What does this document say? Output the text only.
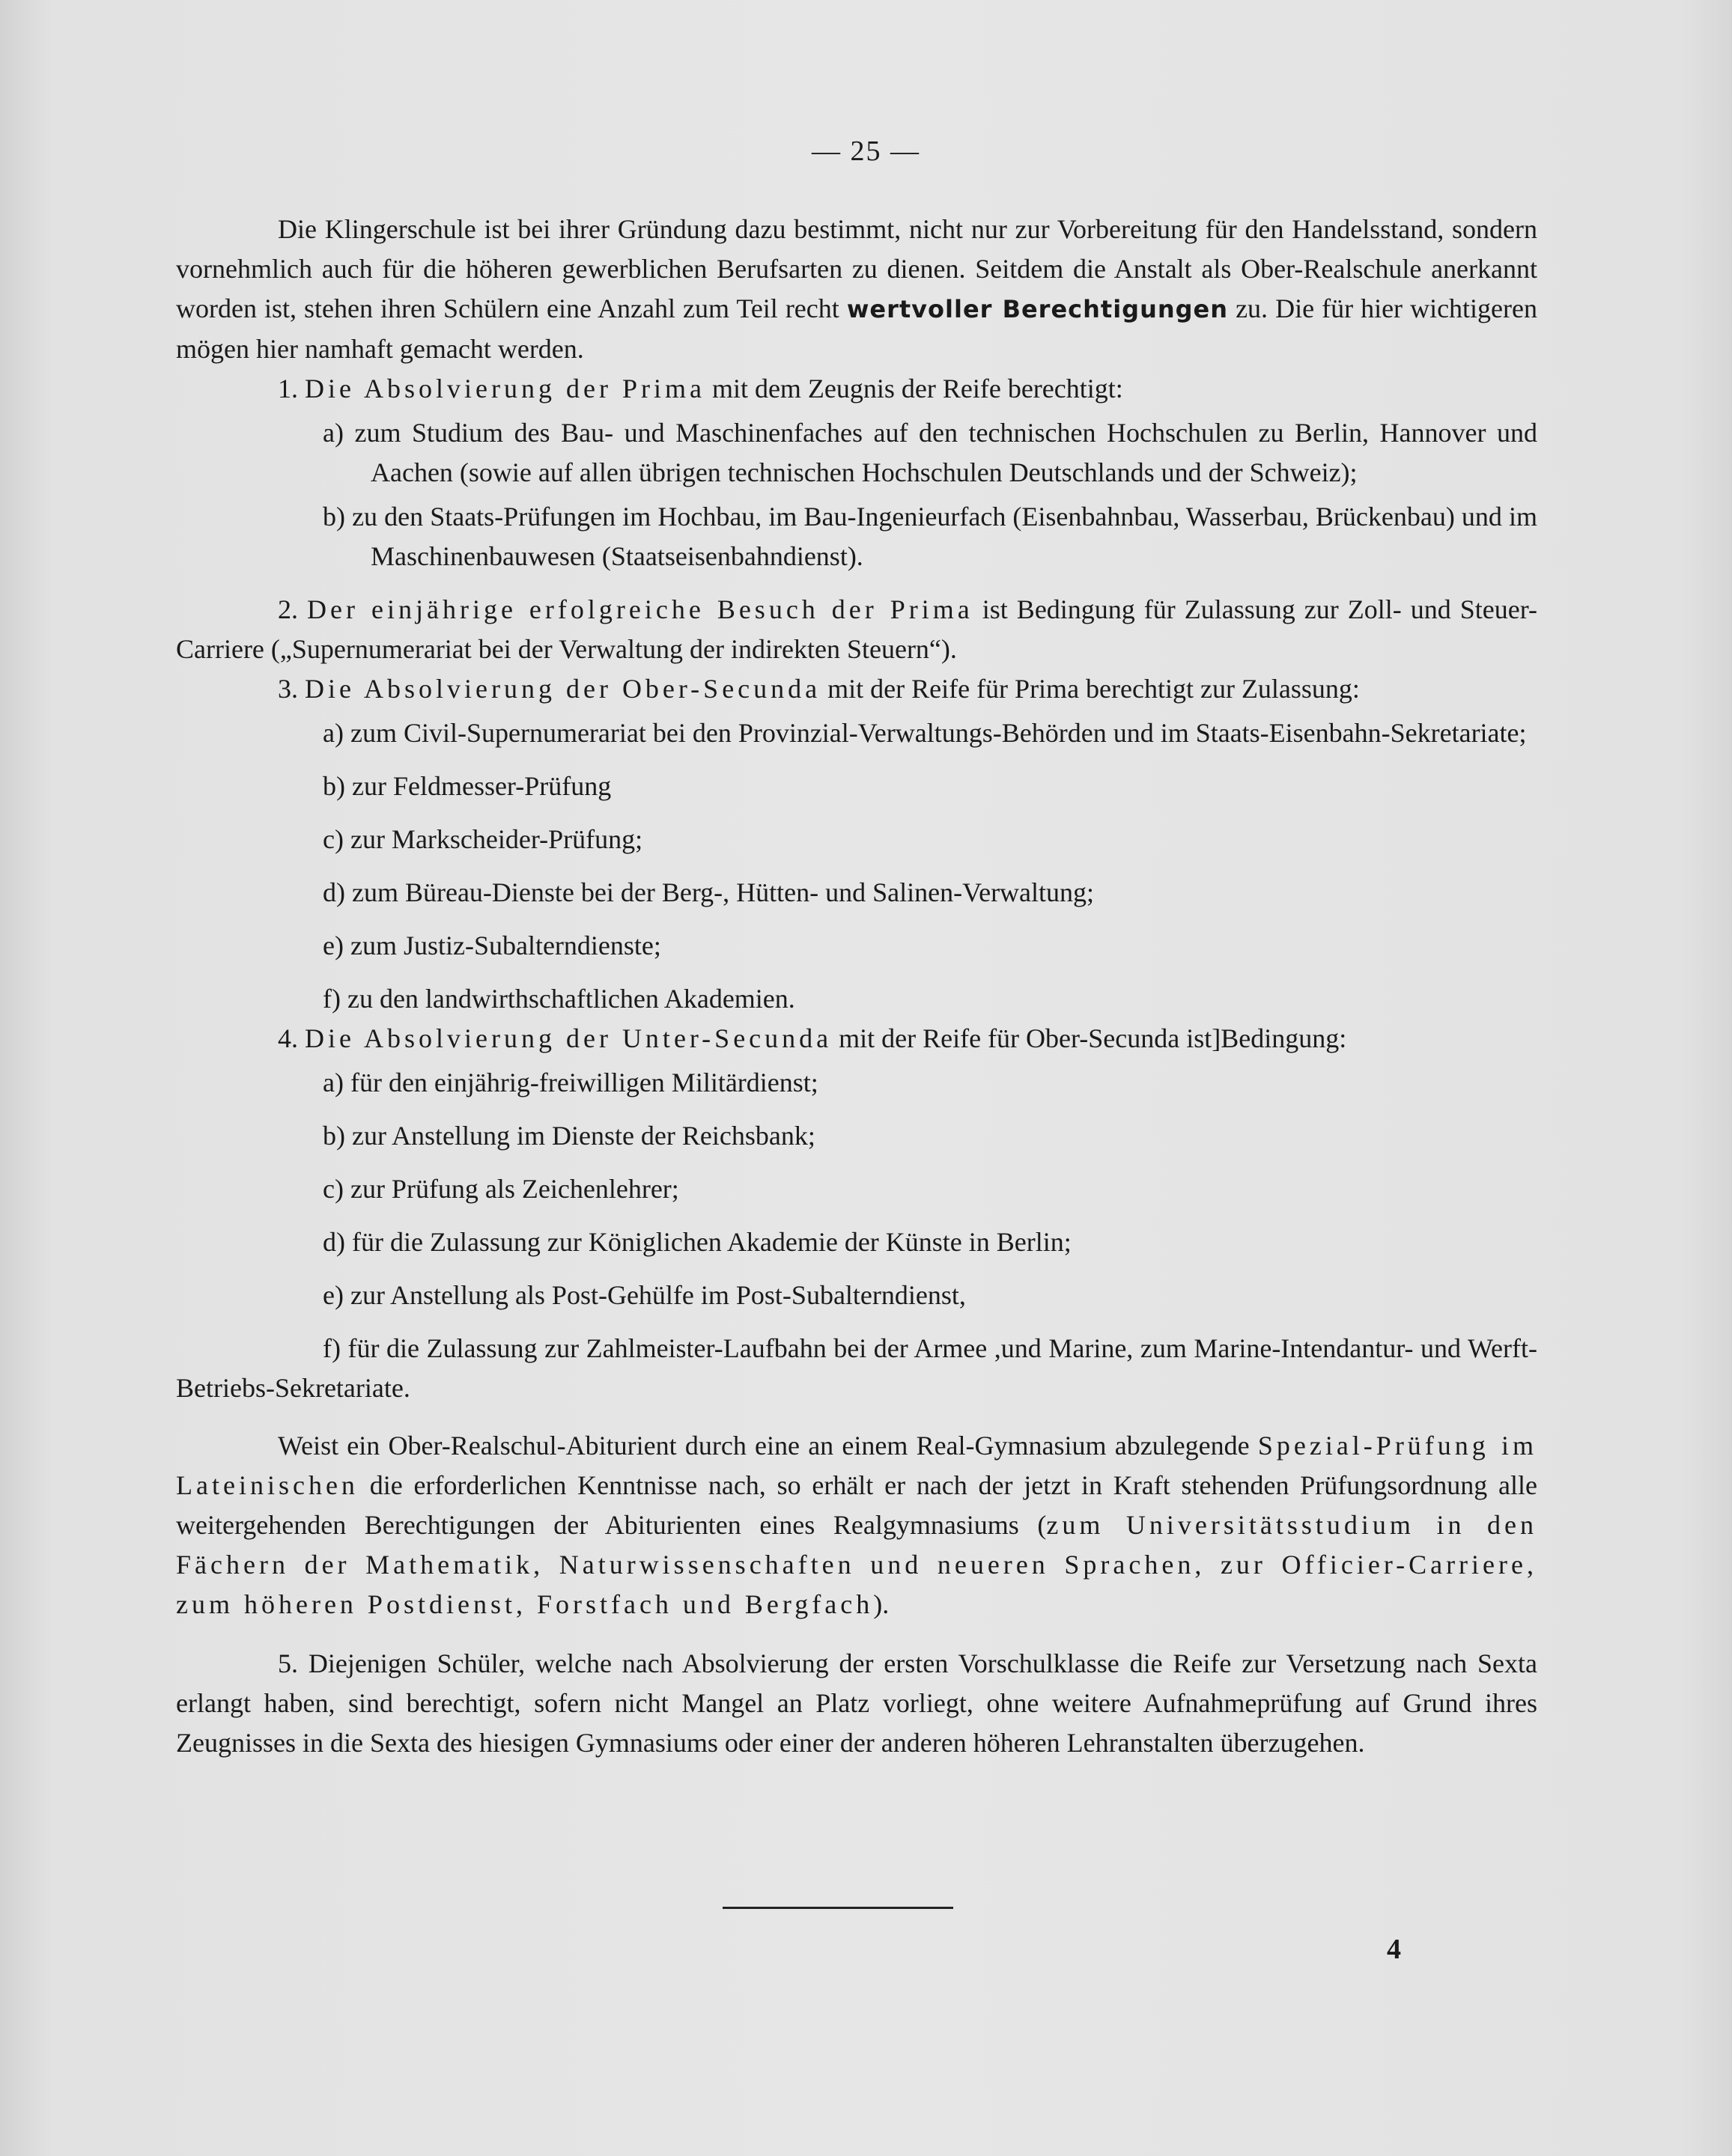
— 25 —

Die Klingerschule ist bei ihrer Gründung dazu bestimmt, nicht nur zur Vorbereitung für den Handelsstand, sondern vornehmlich auch für die höheren gewerblichen Berufsarten zu dienen. Seitdem die Anstalt als Ober-Realschule anerkannt worden ist, stehen ihren Schülern eine Anzahl zum Teil recht wertvoller Berechtigungen zu. Die für hier wichtigeren mögen hier namhaft gemacht werden.

1. Die Absolvierung der Prima mit dem Zeugnis der Reife berechtigt:

a) zum Studium des Bau- und Maschinenfaches auf den technischen Hochschulen zu Berlin, Hannover und Aachen (sowie auf allen übrigen technischen Hochschulen Deutschlands und der Schweiz);

b) zu den Staats-Prüfungen im Hochbau, im Bau-Ingenieurfach (Eisenbahnbau, Wasserbau, Brückenbau) und im Maschinenbauwesen (Staatseisenbahndienst).

2. Der einjährige erfolgreiche Besuch der Prima ist Bedingung für Zulassung zur Zoll- und Steuer-Carriere („Supernumerariat bei der Verwaltung der indirekten Steuern“).

3. Die Absolvierung der Ober-Secunda mit der Reife für Prima berechtigt zur Zulassung:

a) zum Civil-Supernumerariat bei den Provinzial-Verwaltungs-Behörden und im Staats-Eisenbahn-Sekretariate;

b) zur Feldmesser-Prüfung

c) zur Markscheider-Prüfung;

d) zum Büreau-Dienste bei der Berg-, Hütten- und Salinen-Verwaltung;

e) zum Justiz-Subalterndienste;

f) zu den landwirthschaftlichen Akademien.

4. Die Absolvierung der Unter-Secunda mit der Reife für Ober-Secunda ist]Bedingung:

a) für den einjährig-freiwilligen Militärdienst;

b) zur Anstellung im Dienste der Reichsbank;

c) zur Prüfung als Zeichenlehrer;

d) für die Zulassung zur Königlichen Akademie der Künste in Berlin;

e) zur Anstellung als Post-Gehülfe im Post-Subalterndienst,

f) für die Zulassung zur Zahlmeister-Laufbahn bei der Armee ,und Marine, zum Marine-Intendantur- und Werft-Betriebs-Sekretariate.

Weist ein Ober-Realschul-Abiturient durch eine an einem Real-Gymnasium abzulegende Spezial-Prüfung im Lateinischen die erforderlichen Kenntnisse nach, so erhält er nach der jetzt in Kraft stehenden Prüfungsordnung alle weitergehenden Berechtigungen der Abiturienten eines Realgymnasiums (zum Universitätsstudium in den Fächern der Mathematik, Naturwissenschaften und neueren Sprachen, zur Officier-Carriere, zum höheren Postdienst, Forstfach und Bergfach).

5. Diejenigen Schüler, welche nach Absolvierung der ersten Vorschulklasse die Reife zur Versetzung nach Sexta erlangt haben, sind berechtigt, sofern nicht Mangel an Platz vorliegt, ohne weitere Aufnahmeprüfung auf Grund ihres Zeugnisses in die Sexta des hiesigen Gymnasiums oder einer der anderen höheren Lehranstalten überzugehen.

4
